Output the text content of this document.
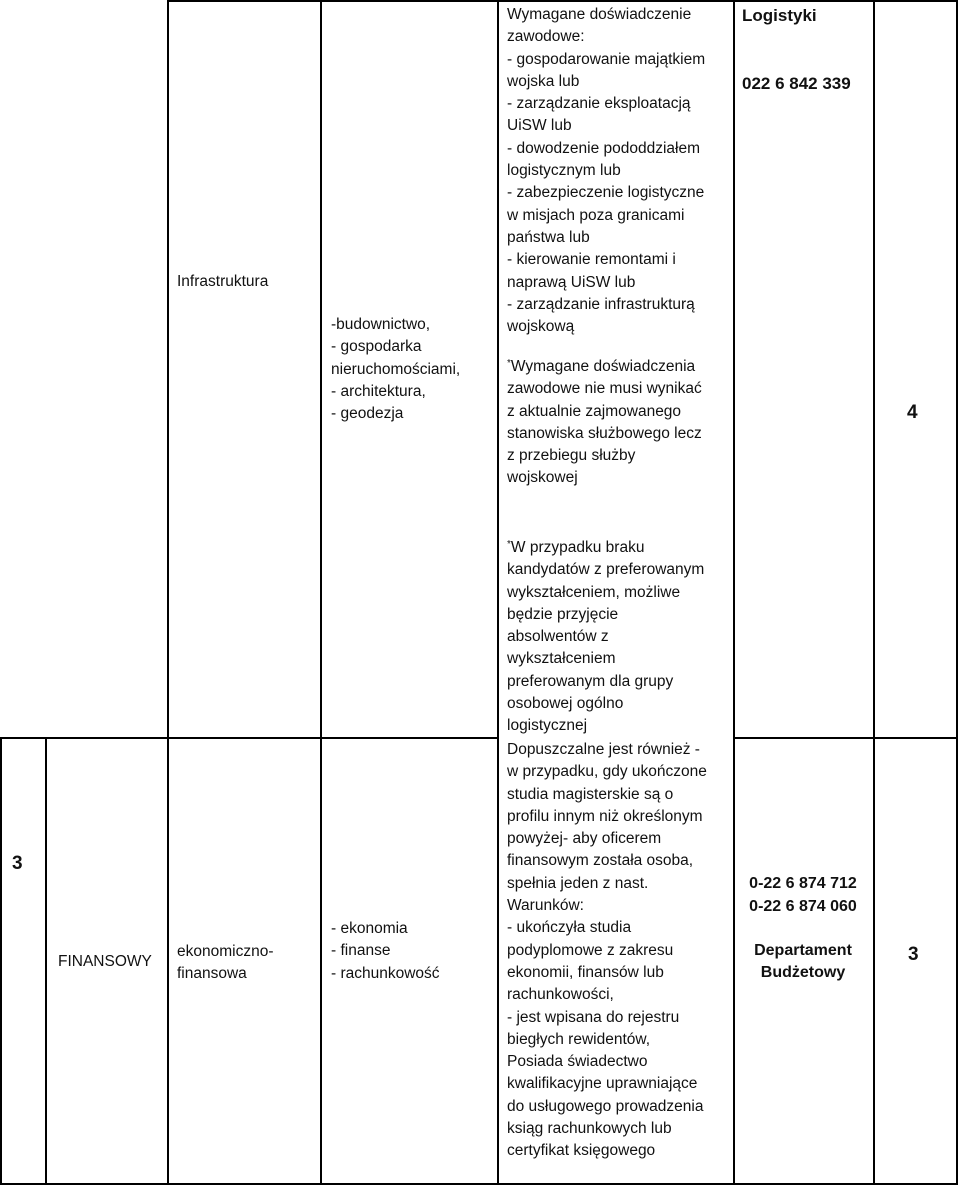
Infrastruktura
-budownictwo,
- gospodarka
nieruchomościami,
- architektura,
- geodezja
Wymagane doświadczenie
zawodowe:
- gospodarowanie majątkiem
wojska lub
- zarządzanie eksploatacją
UiSW lub
- dowodzenie pododdziałem
logistycznym lub
- zabezpieczenie logistyczne
w misjach poza granicami
państwa lub
- kierowanie remontami i
naprawą UiSW lub
- zarządzanie infrastrukturą
wojskową
*Wymagane doświadczenia
zawodowe nie musi wynikać
z aktualnie zajmowanego
stanowiska służbowego lecz
z przebiegu służby
wojskowej
Logistyki
022 6 842 339
4
*W przypadku braku
kandydatów z preferowanym
wykształceniem, możliwe
będzie przyjęcie
absolwentów z
wykształceniem
preferowanym dla grupy
osobowej ogólno
logistycznej
3
FINANSOWY
ekonomiczno-
finansowa
- ekonomia
- finanse
- rachunkowość
Dopuszczalne jest również -
w przypadku, gdy ukończone
studia magisterskie są o
profilu innym niż określonym
powyżej- aby oficerem
finansowym została osoba,
spełnia jeden z nast.
Warunków:
- ukończyła studia
podyplomowe z zakresu
ekonomii, finansów lub
rachunkowości,
- jest wpisana do rejestru
biegłych rewidentów,
Posiada świadectwo
kwalifikacyjne uprawniające
do usługowego prowadzenia
ksiąg rachunkowych lub
certyfikat księgowego
0-22 6 874 712
0-22 6 874 060
Departament
Budżetowy
3
